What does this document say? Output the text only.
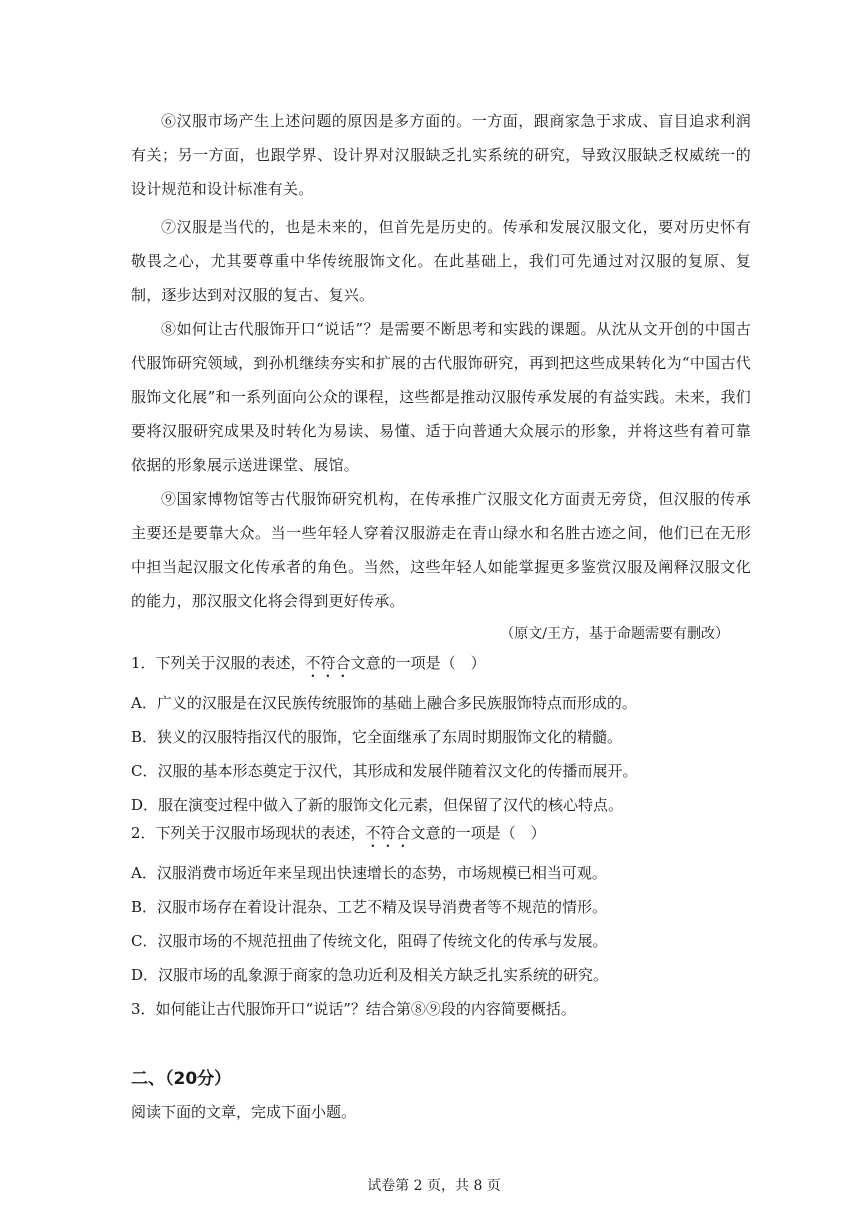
⑥汉服市场产生上述问题的原因是多方面的。一方面，跟商家急于求成、盲目追求利润有关；另一方面，也跟学界、设计界对汉服缺乏扎实系统的研究，导致汉服缺乏权威统一的设计规范和设计标准有关。

⑦汉服是当代的，也是未来的，但首先是历史的。传承和发展汉服文化，要对历史怀有敬畏之心，尤其要尊重中华传统服饰文化。在此基础上，我们可先通过对汉服的复原、复制，逐步达到对汉服的复古、复兴。

⑧如何让古代服饰开口“说话”？是需要不断思考和实践的课题。从沈从文开创的中国古代服饰研究领域，到孙机继续夯实和扩展的古代服饰研究，再到把这些成果转化为“中国古代服饰文化展”和一系列面向公众的课程，这些都是推动汉服传承发展的有益实践。未来，我们要将汉服研究成果及时转化为易读、易懂、适于向普通大众展示的形象，并将这些有着可靠依据的形象展示送进课堂、展馆。

⑨国家博物馆等古代服饰研究机构，在传承推广汉服文化方面责无旁贷，但汉服的传承主要还是要靠大众。当一些年轻人穿着汉服游走在青山绿水和名胜古迹之间，他们已在无形中担当起汉服文化传承者的角色。当然，这些年轻人如能掌握更多鉴赏汉服及阐释汉服文化的能力，那汉服文化将会得到更好传承。

（原文/王方，基于命题需要有删改）

1．下列关于汉服的表述，不符合文意的一项是（　）

A．广义的汉服是在汉民族传统服饰的基础上融合多民族服饰特点而形成的。

B．狭义的汉服特指汉代的服饰，它全面继承了东周时期服饰文化的精髓。

C．汉服的基本形态奠定于汉代，其形成和发展伴随着汉文化的传播而展开。

D．服在演变过程中做入了新的服饰文化元素，但保留了汉代的核心特点。

2．下列关于汉服市场现状的表述，不符合文意的一项是（　）

A．汉服消费市场近年来呈现出快速增长的态势，市场规模已相当可观。

B．汉服市场存在着设计混杂、工艺不精及误导消费者等不规范的情形。

C．汉服市场的不规范扭曲了传统文化，阻碍了传统文化的传承与发展。

D．汉服市场的乱象源于商家的急功近利及相关方缺乏扎实系统的研究。

3．如何能让古代服饰开口“说话”？结合第⑧⑨段的内容简要概括。

二、（20分）

阅读下面的文章，完成下面小题。

试卷第 2 页，共 8 页
